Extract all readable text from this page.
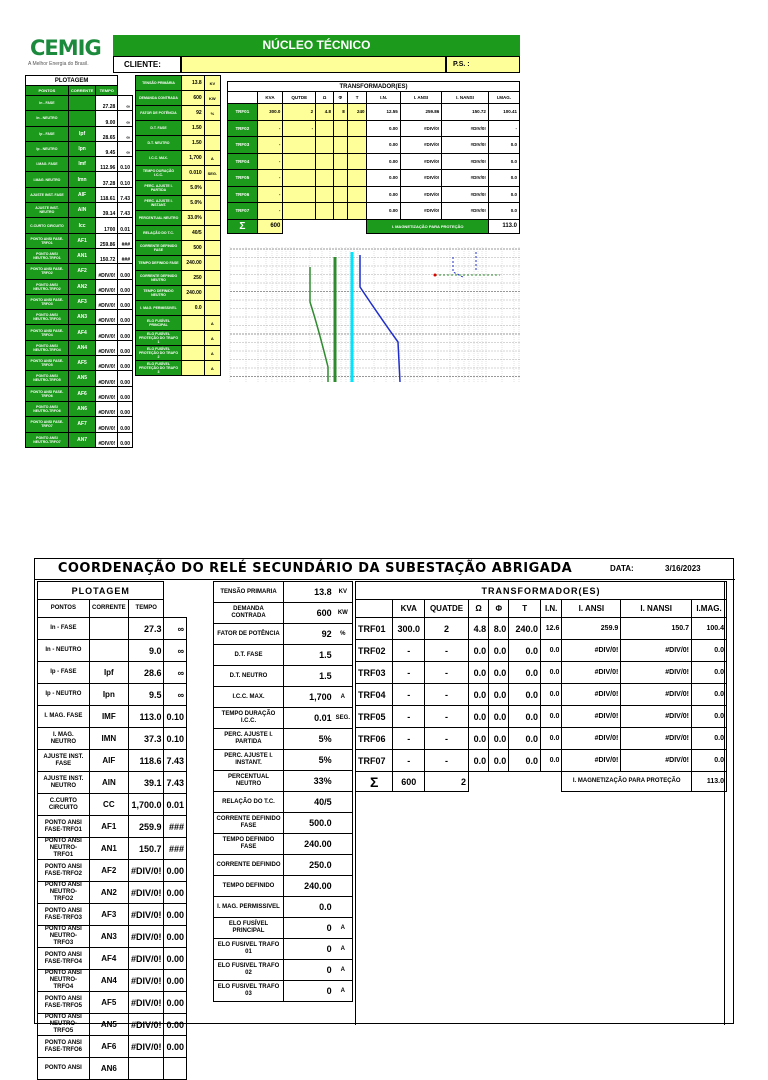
CEMIG
A Melhor Energia do Brasil.
NÚCLEO TÉCNICO
CLIENTE:	P.S. :
PLOTAGEM			
PONTOS	CORRENTE	TEMPO	
In - FASE		27.28	∞
In - NEUTRO		9.00	∞
Ip - FASE	Ipf	28.65	∞
Ip - NEUTRO	Ipn	9.45	∞
I.MAG. FASE	Imf	112.96	0.10
I.MAG. NEUTRO	Imn	37.28	0.10
AJUSTE INST. FASE	AIF	118.61	7.43
AJUSTE INST. NEUTRO	AIN	39.14	7.43
C.CURTO CIRCUITO	Icc	1700	0.01
PONTO ANSI FASE-TRFO1	AF1	259.86	###
PONTO ANSI NEUTRO-TRFO1	AN1	150.72	###
PONTO ANSI FASE-TRFO2	AF2	#DIV/0!	0.00
PONTO ANSI NEUTRO-TRFO2	AN2	#DIV/0!	0.00
PONTO ANSI FASE-TRFO3	AF3	#DIV/0!	0.00
PONTO ANSI NEUTRO-TRFO3	AN3	#DIV/0!	0.00
PONTO ANSI FASE-TRFO4	AF4	#DIV/0!	0.00
PONTO ANSI NEUTRO-TRFO4	AN4	#DIV/0!	0.00
PONTO ANSI FASE-TRFO5	AF5	#DIV/0!	0.00
PONTO ANSI NEUTRO-TRFO5	AN5	#DIV/0!	0.00
PONTO ANSI FASE-TRFO6	AF6	#DIV/0!	0.00
PONTO ANSI NEUTRO-TRFO6	AN6	#DIV/0!	0.00
PONTO ANSI FASE-TRFO7	AF7	#DIV/0!	0.00
PONTO ANSI NEUTRO-TRFO7	AN7	#DIV/0!	0.00
TENSÃO PRIMÁRIA	13.8	KV
DEMANDA CONTRADA	600	KW
FATOR DE POTÊNCIA	92	%
D.T. FASE	1.50	
D.T. NEUTRO	1.50	
I.C.C. MAX.	1,700	A
TEMPO DURAÇÃO I.C.C.	0.010	SEG.
PERC. AJUSTE I. PARTIDA	5.0%	
PERC. AJUSTE I. INSTANT.	5.0%	
PERCENTUAL NEUTRO	33.0%	
RELAÇÃO DO T.C.	40/5	
CORRENTE DEFINIDO FASE	500	
TEMPO DEFINIDO FASE	240.00	
CORRENTE DEFINIDO NEUTRO	250	
TEMPO DEFINIDO NEUTRO	240.00	
I. MAG. PERMISSIVEL	0.0	
ELO FUSÍVEL PRINCIPAL		A
ELO FUSÍVEL PROTEÇÃO DO TRAFO 1		A
ELO FUSÍVEL PROTEÇÃO DO TRAFO 2		A
ELO FUSÍVEL PROTEÇÃO DO TRAFO 3		A
TRANSFORMADOR(ES)									
	KVA	QUTDE	Ω	Φ	T	I.N.	I. ANSI	I. NANSI	I.MAG.
TRF01	300.0	2	4.8	8	240	12.55	259.86	150.72	100.41
TRF02	-	-				0.00	#DIV/0!	#DIV/0!	-
TRF03	-					0.00	#DIV/0!	#DIV/0!	0.0
TRF04	-					0.00	#DIV/0!	#DIV/0!	0.0
TRF05	-					0.00	#DIV/0!	#DIV/0!	0.0
TRF06	-					0.00	#DIV/0!	#DIV/0!	0.0
TRF07	-					0.00	#DIV/0!	#DIV/0!	0.0
Σ	600					I. MAGNETIZAÇÃO PARA PROTEÇÃO			113.0
COORDENAÇÃO DO RELÉ SECUNDÁRIO DA SUBESTAÇÃO ABRIGADA	DATA:	3/16/2023
PLOTAGEM			
PONTOS	CORRENTE	TEMPO	
In - FASE		27.3	∞
In - NEUTRO		9.0	∞
Ip - FASE	Ipf	28.6	∞
Ip - NEUTRO	Ipn	9.5	∞
I. MAG. FASE	IMF	113.0	0.10
I. MAG. NEUTRO	IMN	37.3	0.10
AJUSTE INST. FASE	AIF	118.6	7.43
AJUSTE INST. NEUTRO	AIN	39.1	7.43
C.CURTO CIRCUITO	CC	1,700.0	0.01
PONTO ANSI FASE-TRFO1	AF1	259.9	###
PONTO ANSI NEUTRO-TRFO1	AN1	150.7	###
PONTO ANSI FASE-TRFO2	AF2	#DIV/0!	0.00
PONTO ANSI NEUTRO-TRFO2	AN2	#DIV/0!	0.00
PONTO ANSI FASE-TRFO3	AF3	#DIV/0!	0.00
PONTO ANSI NEUTRO-TRFO3	AN3	#DIV/0!	0.00
PONTO ANSI FASE-TRFO4	AF4	#DIV/0!	0.00
PONTO ANSI NEUTRO-TRFO4	AN4	#DIV/0!	0.00
PONTO ANSI FASE-TRFO5	AF5	#DIV/0!	0.00
PONTO ANSI NEUTRO-TRFO5	AN5	#DIV/0!	0.00
PONTO ANSI FASE-TRFO6	AF6	#DIV/0!	0.00
PONTO ANSI	AN6		
TENSÃO PRIMARIA	13.8	KV
DEMANDA CONTRADA	600	KW
FATOR DE POTÊNCIA	92	%
D.T. FASE	1.5	
D.T. NEUTRO	1.5	
I.C.C. MAX.	1,700	A
TEMPO DURAÇÃO I.C.C.	0.01	SEG.
PERC. AJUSTE I. PARTIDA	5%	
PERC. AJUSTE I. INSTANT.	5%	
PERCENTUAL NEUTRO	33%	
RELAÇÃO DO T.C.	40/5	
CORRENTE DEFINIDO FASE	500.0	
TEMPO DEFINIDO FASE	240.00	
CORRENTE DEFINIDO	250.0	
TEMPO DEFINIDO	240.00	
I. MAG. PERMISSIVEL	0.0	
ELO FUSÍVEL PRINCIPAL	0	A
ELO FUSIVEL TRAFO 01	0	A
ELO FUSIVEL TRAFO 02	0	A
ELO FUSIVEL TRAFO 03	0	A
TRANSFORMADOR(ES)									
	KVA	QUATDE	Ω	Φ	T	I.N.	I. ANSI	I. NANSI	I.MAG.
TRF01	300.0	2	4.8	8.0	240.0	12.6	259.9	150.7	100.4
TRF02	-	-	0.0	0.0	0.0	0.0	#DIV/0!	#DIV/0!	0.0
TRF03	-	-	0.0	0.0	0.0	0.0	#DIV/0!	#DIV/0!	0.0
TRF04	-	-	0.0	0.0	0.0	0.0	#DIV/0!	#DIV/0!	0.0
TRF05	-	-	0.0	0.0	0.0	0.0	#DIV/0!	#DIV/0!	0.0
TRF06	-	-	0.0	0.0	0.0	0.0	#DIV/0!	#DIV/0!	0.0
TRF07	-	-	0.0	0.0	0.0	0.0	#DIV/0!	#DIV/0!	0.0
Σ	600	2					I. MAGNETIZAÇÃO PARA PROTEÇÃO		113.0
